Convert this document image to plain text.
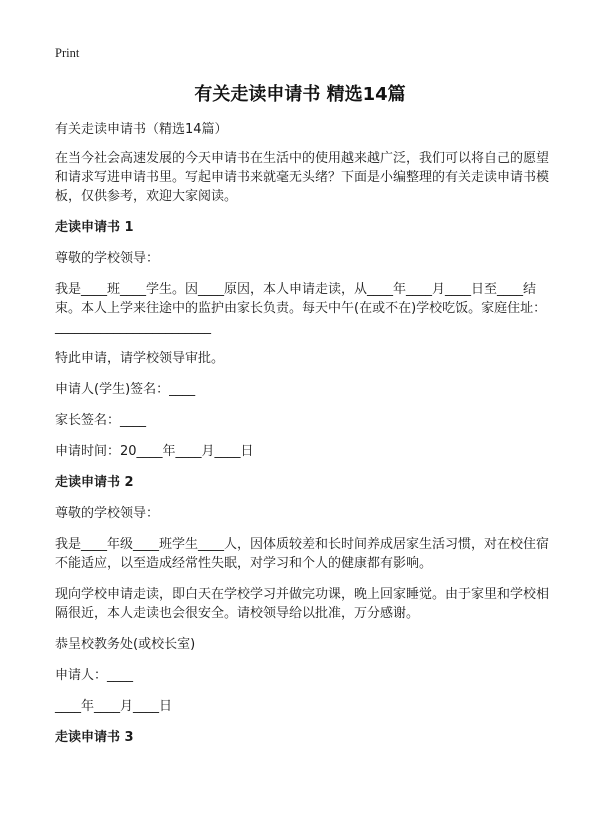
Print
有关走读申请书 精选14篇

有关走读申请书（精选14篇）

在当今社会高速发展的今天申请书在生活中的使用越来越广泛，我们可以将自己的愿望和请求写进申请书里。写起申请书来就毫无头绪？下面是小编整理的有关走读申请书模板，仅供参考，欢迎大家阅读。

走读申请书 1

尊敬的学校领导：

我是____班____学生。因____原因，本人申请走读，从____年____月____日至____结束。本人上学来往途中的监护由家长负责。每天中午(在或不在)学校吃饭。家庭住址：________________________

特此申请，请学校领导审批。

申请人(学生)签名：____

家长签名：____

申请时间：20____年____月____日

走读申请书 2

尊敬的学校领导：

我是____年级____班学生____人，因体质较差和长时间养成居家生活习惯，对在校住宿不能适应，以至造成经常性失眠，对学习和个人的健康都有影响。

现向学校申请走读，即白天在学校学习并做完功课，晚上回家睡觉。由于家里和学校相隔很近，本人走读也会很安全。请校领导给以批准，万分感谢。

恭呈校教务处(或校长室)

申请人：____

____年____月____日

走读申请书 3
